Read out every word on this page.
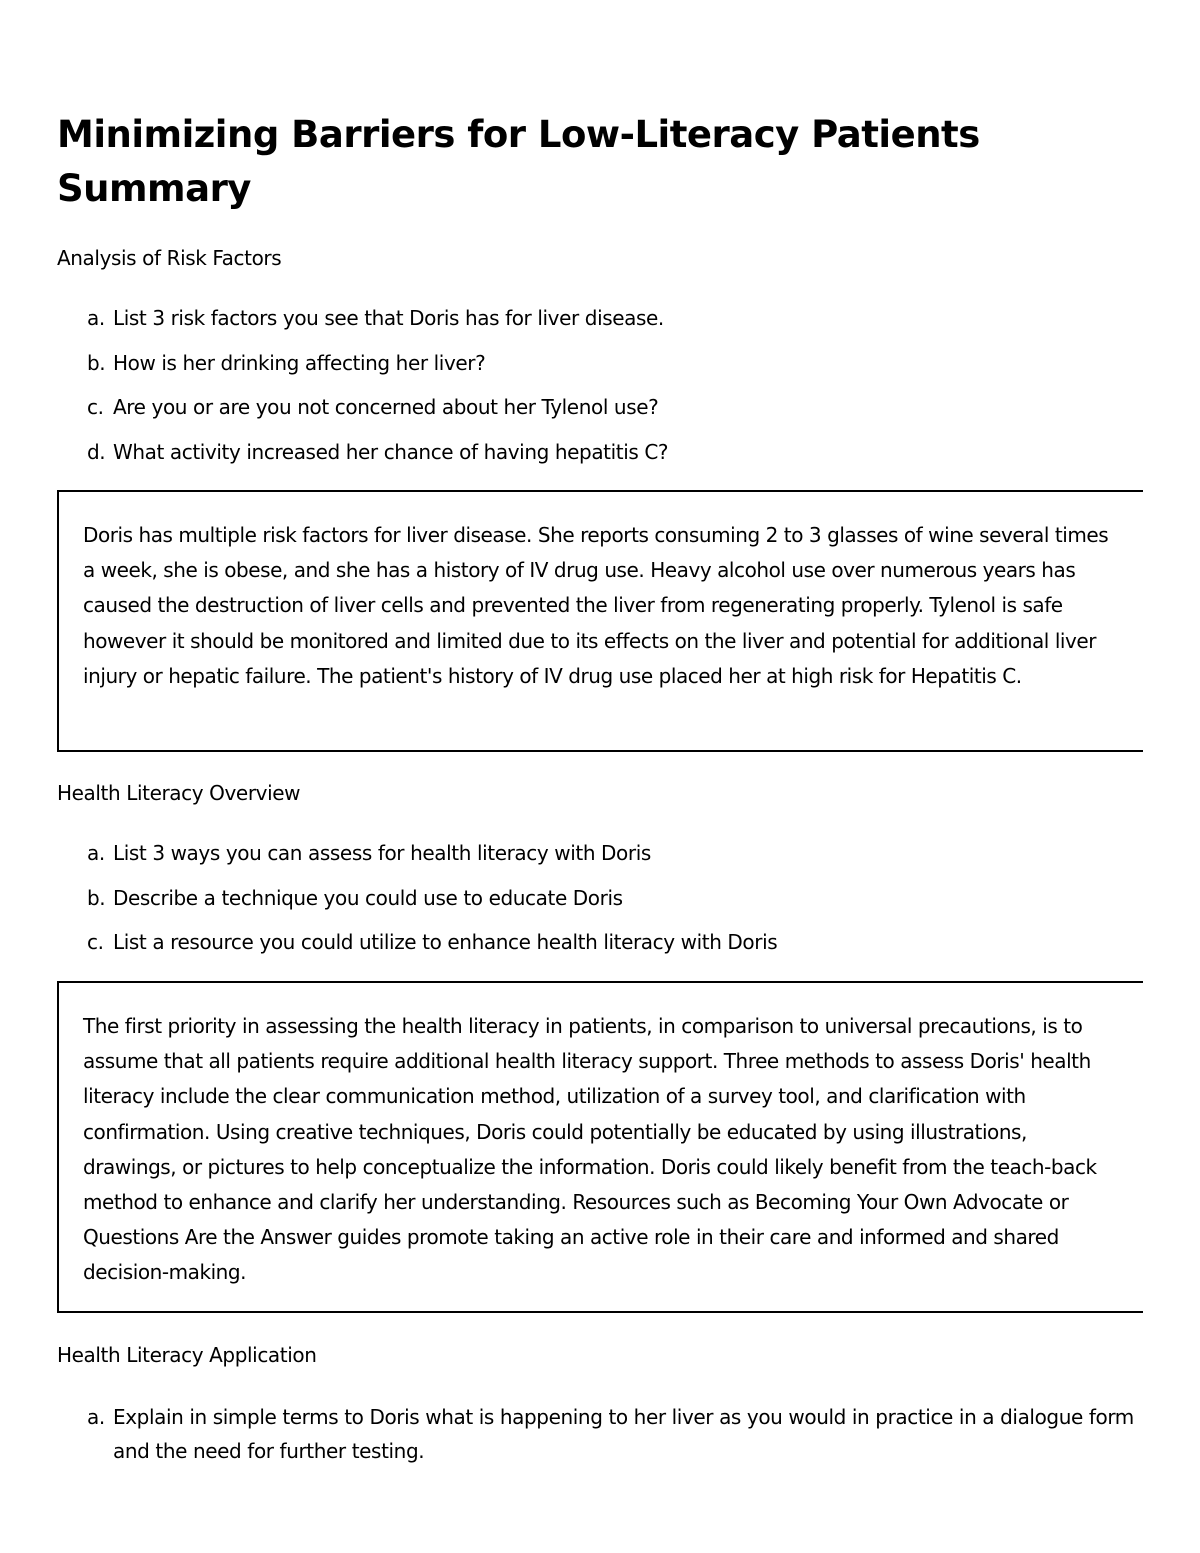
Minimizing Barriers for Low-Literacy Patients Summary
Analysis of Risk Factors
a. List 3 risk factors you see that Doris has for liver disease.
b. How is her drinking affecting her liver?
c. Are you or are you not concerned about her Tylenol use?
d. What activity increased her chance of having hepatitis C?

Doris has multiple risk factors for liver disease. She reports consuming 2 to 3 glasses of wine several times a week, she is obese, and she has a history of IV drug use. Heavy alcohol use over numerous years has caused the destruction of liver cells and prevented the liver from regenerating properly. Tylenol is safe however it should be monitored and limited due to its effects on the liver and potential for additional liver injury or hepatic failure. The patient's history of IV drug use placed her at high risk for Hepatitis C.

Health Literacy Overview
a. List 3 ways you can assess for health literacy with Doris
b. Describe a technique you could use to educate Doris
c. List a resource you could utilize to enhance health literacy with Doris

The first priority in assessing the health literacy in patients, in comparison to universal precautions, is to assume that all patients require additional health literacy support. Three methods to assess Doris' health literacy include the clear communication method, utilization of a survey tool, and clarification with confirmation. Using creative techniques, Doris could potentially be educated by using illustrations, drawings, or pictures to help conceptualize the information. Doris could likely benefit from the teach-back method to enhance and clarify her understanding. Resources such as Becoming Your Own Advocate or Questions Are the Answer guides promote taking an active role in their care and informed and shared decision-making.

Health Literacy Application
a. Explain in simple terms to Doris what is happening to her liver as you would in practice in a dialogue form and the need for further testing.
